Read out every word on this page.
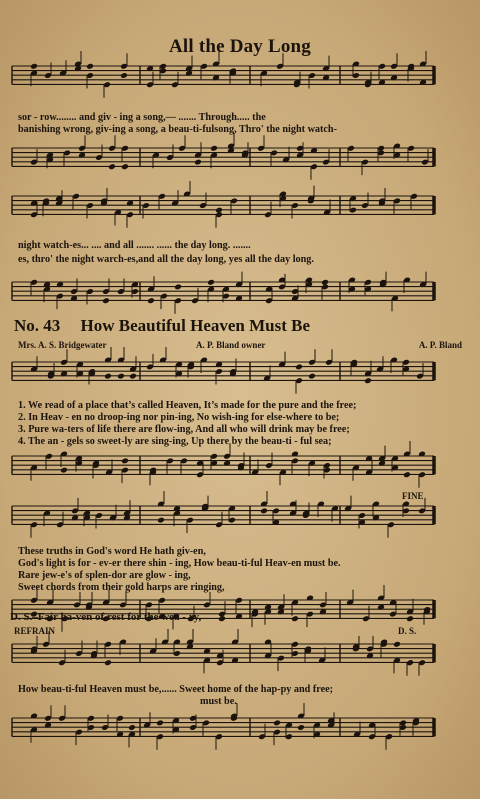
All the Day Long
sor - row........ and giv - ing a song,— ....... Through..... the
banishing wrong, giv-ing a song, a beau-ti-fulsong, Thro' the night watch-
night watch-es... .... and all ....... ...... the day long. .......
es, thro' the night warch-es,and all the day long, yes all the day long.
No. 43 How Beautiful Heaven Must Be
Mrs. A. S. Bridgewater	A. P. Bland owner	A. P. Bland
1. We read of a place that’s called Heaven, It’s made for the pure and the free;
2. In Heav - en no droop-ing nor pin-ing, No wish-ing for else-where to be;
3. Pure wa-ters of life there are flow-ing, And all who will drink may be free;
4. The an - gels so sweet-ly are sing-ing, Up there by the beau-ti - ful sea;
FINE
These truths in God's word He hath giv-en,
God's light is for - ev-er there shin - ing, How beau-ti-ful Heav-en must be.
Rare jew-e's of splen-dor are glow - ing,
Sweet chords from their gold harps are ringing,
D. S.–Fair ha-ven of rest for the wea - ry,
REFRAIN	D. S.
How beau-ti-ful Heaven must be,...... Sweet home of the hap-py and free;
must be.
